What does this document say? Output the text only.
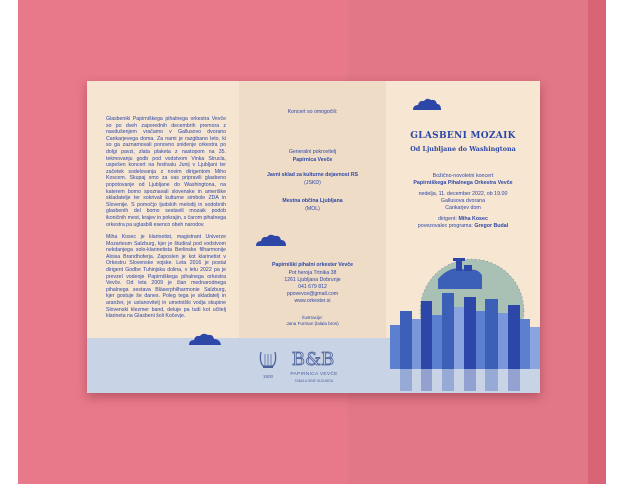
Glasbeniki Papirniškega pihalnega orkestra Vevče so po dveh zaporednih decembrih premora z navdušenjem vračamo v Gallusovo dvorano Cankarjevega doma. Za nami je razgibano leto, ki so ga zaznamovali ponovno snidenje orkestra po dolgi pavzi, zlata plaketa z nastopom na 35. tekmovanju godb pod vodstvom Vinka Strucla, uspešen koncert na festivalu Junij v Ljubljani ter začetek sodelovanja z novim dirigentom Miho Koscem. Skupaj smo za vas pripravili glasbeno popotovanje od Ljubljane do Washingtona, na katerem bomo spoznavali slovenske in ameriške skladatelje ter sokrivali kulturne simbole ZDA in Slovenije. S pomočjo ljudskih melodij in sodobnih glasbenih del bomo sestavili mozaik podob ikoničnih mest, krajev in pokrajin, s čarom pihalnega orkestra pa uglasbili esenco obeh narodov.

Miha Kosec je klarinetist, magistrant Univerze Mozarteum Salzburg, kjer je študiral pod vodstvom nekdanjega solo-klarinetista Berlinske filharmonije Aloisa Brandhoferja. Zaposlen je kot klarinetist v Orkestru Slovenske vojske. Leta 2016 je postal dirigent Godbe Tuhinjska dolina, v letu 2022 pa je prevzel vodenje Papirniškega pihalnega orkestra Vevče. Od leta 2009 je član mednarodnega pihalnega sestava Bläserphilharmonie Salzburg, kjer gostuje še danes. Poleg tega je skladatelj in aranžer, je ustanovitelj in umetniški vodja skupine Slovenski klezmer band, deluje pa tudi kot učitelj klarineta na Glasbeni šoli Kočevje.

Koncert so omogočili:
Generalni pokrovitelj
Papirnica Vevče
Javni sklad za kulturne dejavnost RS
(JSKD)
Mestna občina Ljubljana
(MOL)
Papirniški pihalni orkester Vevče
Pot heroja Trtnika 38
1261 Ljubljana Dobrunje
041 679 812
ppovevce@gmail.com
www.orkester.si
Ilustracije:
Jana Furman (lalala bros)
1900
B&B
PAPIRNICA VEVČE
TABULA SINE OLEUMOA
GLASBENI MOZAIK
Od Ljubljane do Washingtona
Božično-novoletni koncert
Papirniškega Pihalnega Orkestra Vevče
nedelja, 11. december 2022, ob 19.00
Gallusova dvorana
Cankarjev dom
dirigent: Miha Kosec
povezovalec programa: Gregor Budal
